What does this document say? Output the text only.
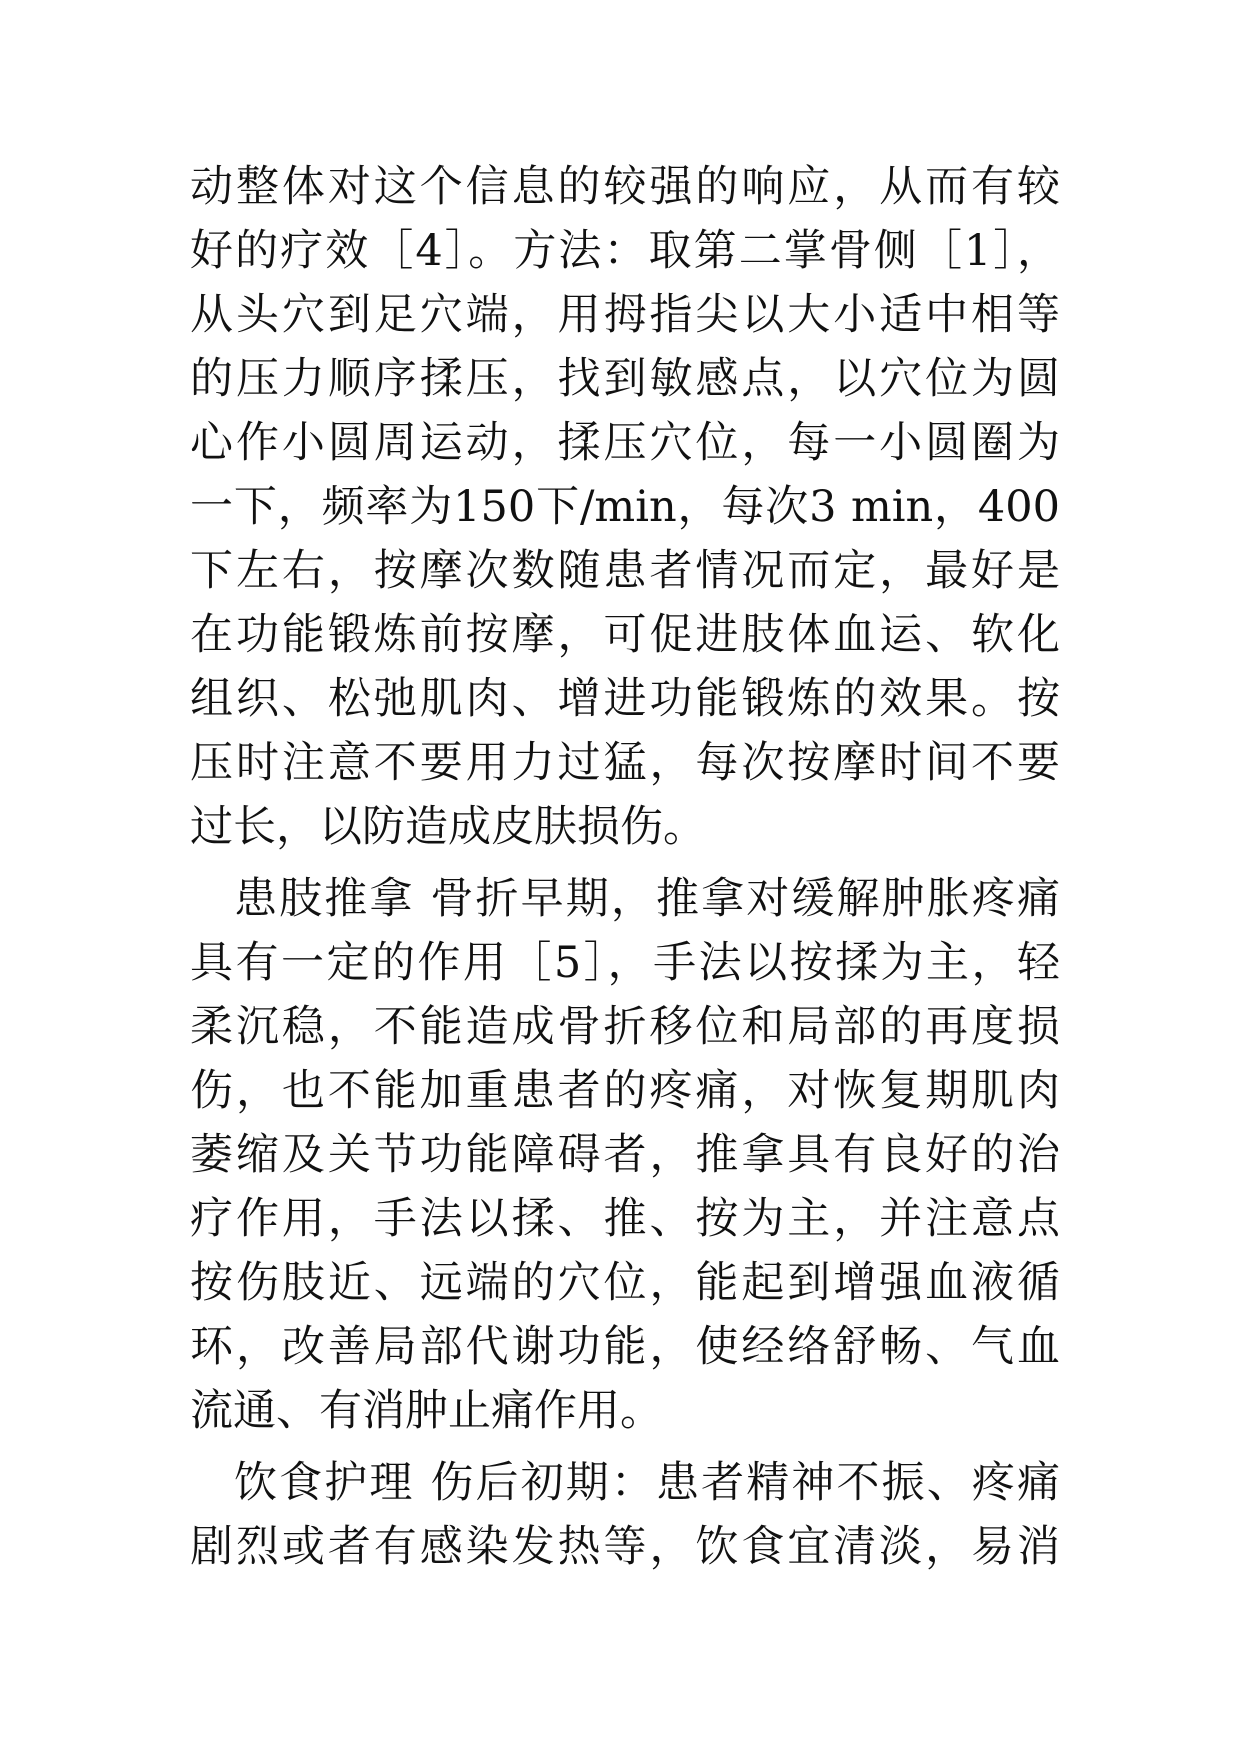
动整体对这个信息的较强的响应，从而有较
好的疗效［4］。方法：取第二掌骨侧［1］，
从头穴到足穴端，用拇指尖以大小适中相等
的压力顺序揉压，找到敏感点，以穴位为圆
心作小圆周运动，揉压穴位，每一小圆圈为
一下，频率为150下/min，每次3 min，400
下左右，按摩次数随患者情况而定，最好是
在功能锻炼前按摩，可促进肢体血运、软化
组织、松弛肌肉、增进功能锻炼的效果。按
压时注意不要用力过猛，每次按摩时间不要
过长，以防造成皮肤损伤。
患肢推拿 骨折早期，推拿对缓解肿胀疼痛
具有一定的作用［5］，手法以按揉为主，轻
柔沉稳，不能造成骨折移位和局部的再度损
伤，也不能加重患者的疼痛，对恢复期肌肉
萎缩及关节功能障碍者，推拿具有良好的治
疗作用，手法以揉、推、按为主，并注意点
按伤肢近、远端的穴位，能起到增强血液循
环，改善局部代谢功能，使经络舒畅、气血
流通、有消肿止痛作用。
饮食护理 伤后初期：患者精神不振、疼痛
剧烈或者有感染发热等，饮食宜清淡，易消
